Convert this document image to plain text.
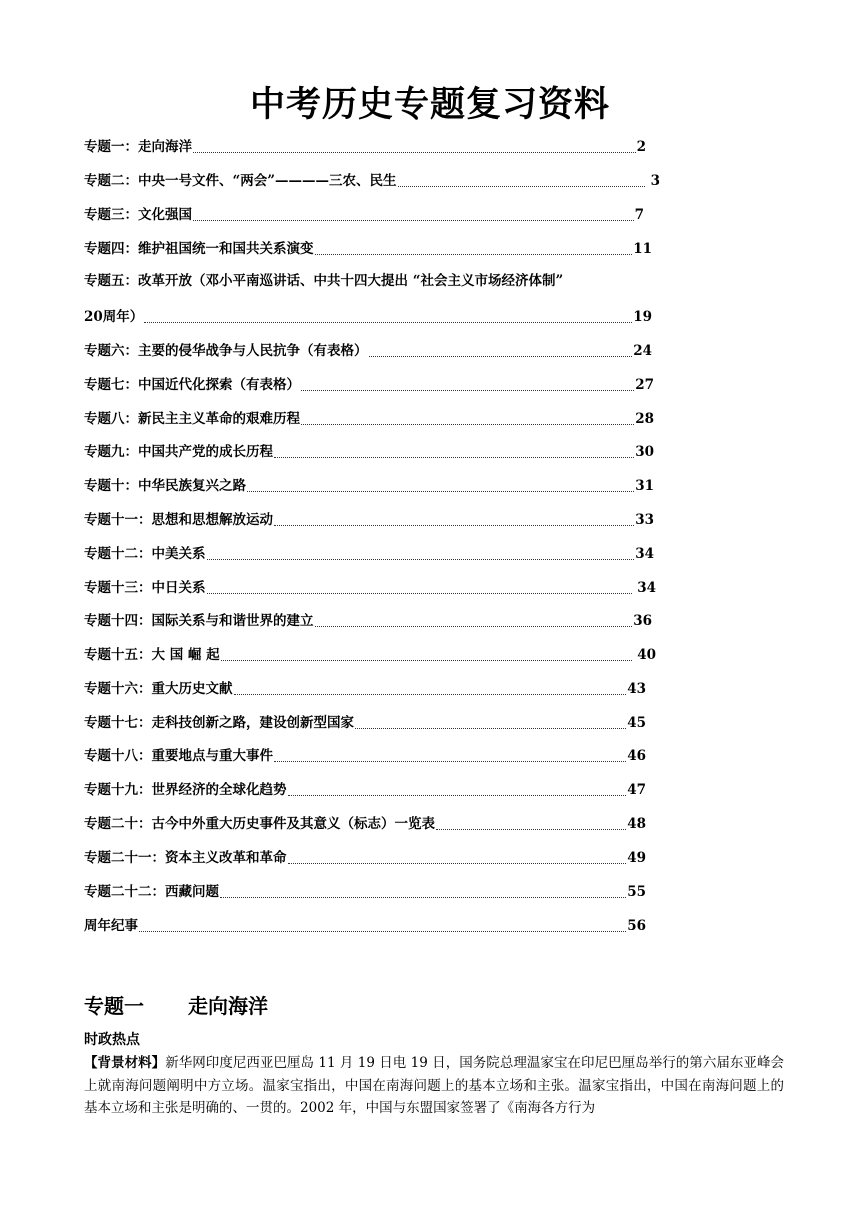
中考历史专题复习资料
专题一：走向海洋	2
专题二：中央一号文件、“两会”————三农、民生	3
专题三：文化强国	7
专题四：维护祖国统一和国共关系演变	11
专题五：改革开放（邓小平南巡讲话、中共十四大提出 “社会主义市场经济体制”
20周年）	19
专题六：主要的侵华战争与人民抗争（有表格）	24
专题七：中国近代化探索（有表格）	27
专题八：新民主主义革命的艰难历程	28
专题九：中国共产党的成长历程	30
专题十：中华民族复兴之路	31
专题十一：思想和思想解放运动	33
专题十二：中美关系	34
专题十三：中日关系	34
专题十四：国际关系与和谐世界的建立	36
专题十五：大 国 崛 起	40
专题十六：重大历史文献	43
专题十七：走科技创新之路，建设创新型国家	45
专题十八：重要地点与重大事件	46
专题十九：世界经济的全球化趋势	47
专题二十：古今中外重大历史事件及其意义（标志）一览表	48
专题二十一：资本主义改革和革命	49
专题二十二：西藏问题	55
周年纪事	56
专题一 走向海洋
时政热点
【背景材料】新华网印度尼西亚巴厘岛 11 月 19 日电 19 日，国务院总理温家宝在印尼巴厘岛举行的第六届东亚峰会上就南海问题阐明中方立场。温家宝指出，中国在南海问题上的基本立场和主张。温家宝指出，中国在南海问题上的基本立场和主张是明确的、一贯的。2002 年，中国与东盟国家签署了《南海各方行为
